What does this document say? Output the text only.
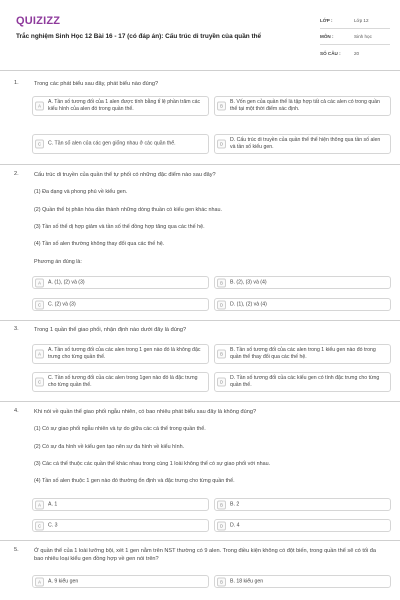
QUIZIZZ
Trắc nghiệm Sinh Học 12 Bài 16 - 17 (có đáp án): Cấu trúc di truyền của quần thể
LỚP :	Lớp 12
MÔN :	Sinh học
SỐ CÂU :	20
1.	Trong các phát biểu sau đây, phát biểu nào đúng?
A
A. Tần số tương đối của 1 alen được tính bằng tỉ lệ phần trăm các kiểu hình của alen đó trong quần thể.	B
B. Vốn gen của quần thể là tập hợp tất cả các alen có trong quần thể tại một thời điểm xác định.
C	C. Tần số alen của các gen giống nhau ở các quần thể.	D
D. Cấu trúc di truyền của quần thể thể hiện thông qua tần số alen và tần số kiểu gen.
2.	Cấu trúc di truyền của quần thể tự phối có những đặc điểm nào sau đây?
(1) Đa dạng và phong phú về kiểu gen.
(2) Quần thể bị phân hóa dần thành những dòng thuần có kiểu gen khác nhau.
(3) Tần số thể dị hợp giảm và tần số thể đồng hợp tăng qua các thế hệ.
(4) Tần số alen thường không thay đổi qua các thế hệ.
Phương án đúng là:
A	A. (1), (2) và (3)	B	B. (2), (3) và (4)
C	C. (2) và (3)	D	D. (1), (2) và (4)
3.	Trong 1 quần thể giao phối, nhận định nào dưới đây là đúng?
A
A. Tần số tương đối của các alen trong 1 gen nào đó là không đặc trưng cho từng quần thể.	B
B. Tần số tương đối của các alen trong 1 kiểu gen nào đó trong quần thể thay đổi qua các thế hệ.
C
C. Tần số tương đối của các alen trong 1gen nào đó là đặc trưng cho từng quần thể.	D
D. Tần số tương đối của các kiểu gen có tính đặc trưng cho từng quần thể.
4.	Khi nói về quần thể giao phối ngẫu nhiên, có bao nhiêu phát biểu sau đây là không đúng?
(1) Có sự giao phối ngẫu nhiên và tự do giữa các cá thể trong quần thể.
(2) Có sự đa hình về kiểu gen tạo nên sự đa hình về kiểu hình.
(3) Các cá thể thuộc các quần thể khác nhau trong cùng 1 loài không thể có sự giao phối với nhau.
(4) Tần số alen thuộc 1 gen nào đó thường ổn định và đặc trưng cho từng quần thể.
A	A. 1	B	B. 2
C	C. 3	D	D. 4
5.	Ở quần thể của 1 loài lưỡng bội, xét 1 gen nằm trên NST thường có 9 alen. Trong điều kiện không có đột biến, trong quần thể sẽ có tối đa bao nhiêu loại kiểu gen đồng hợp về gen nói trên?
A	A. 9 kiểu gen	B	B. 18 kiểu gen
